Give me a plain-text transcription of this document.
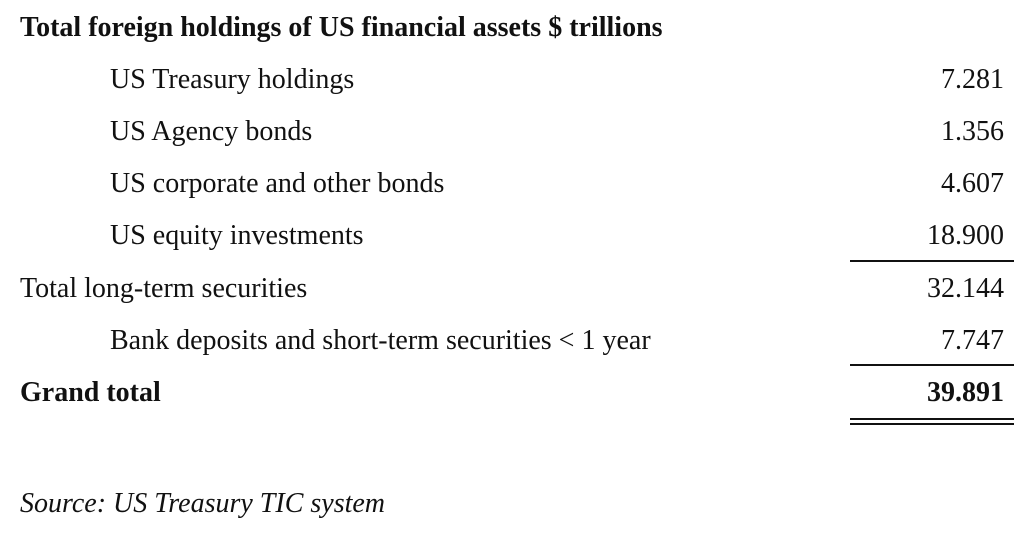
Total foreign holdings of US financial assets $ trillions
US Treasury holdings	7.281
US Agency bonds	1.356
US corporate and other bonds	4.607
US equity investments	18.900
Total long-term securities	32.144
Bank deposits and short-term securities < 1 year	7.747
Grand total	39.891
Source: US Treasury TIC system
